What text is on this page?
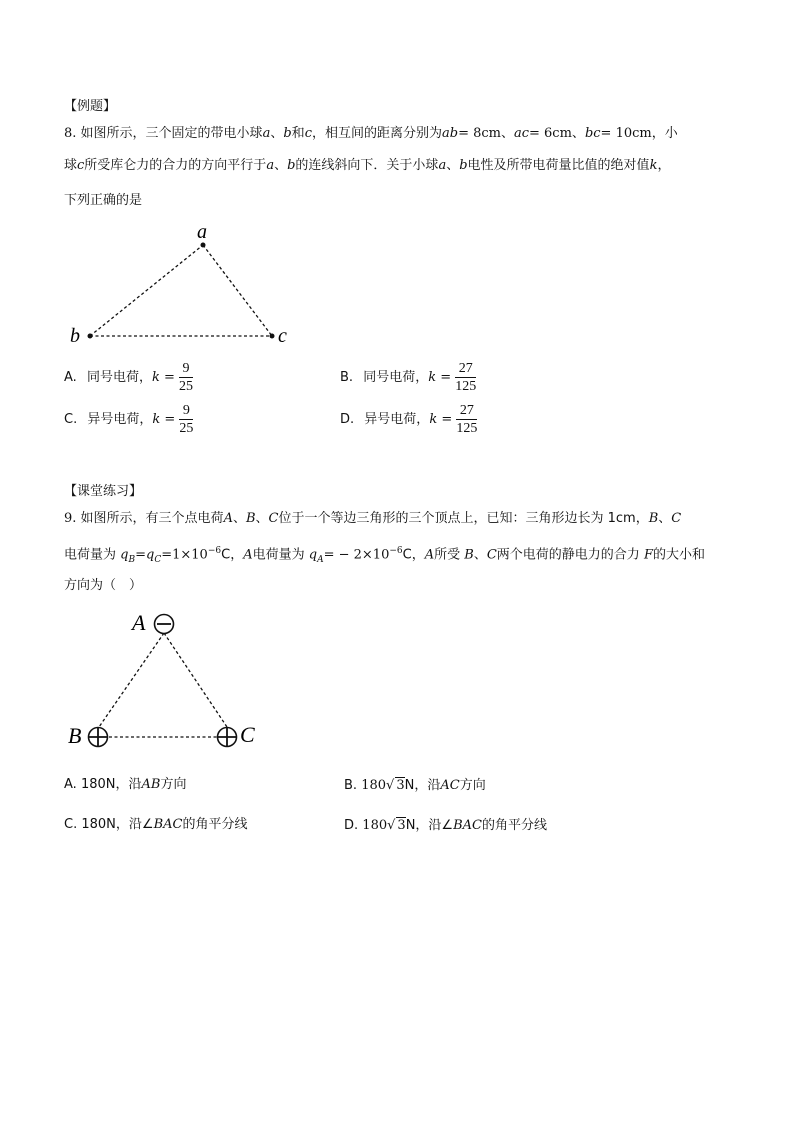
【例题】
8. 如图所示，三个固定的带电小球a、b和c，相互间的距离分别为ab= 8cm、ac= 6cm、bc= 10cm，小
球c所受库仑力的合力的方向平行于a、b的连线斜向下．关于小球a、b电性及所带电荷量比值的绝对值k，
下列正确的是
a
b	c
A. 同号电荷，$k = \frac{9}{25}$	B. 同号电荷，$k = \frac{27}{125}$
C. 异号电荷，$k = \frac{9}{25}$	D. 异号电荷，$k = \frac{27}{125}$
【课堂练习】
9. 如图所示，有三个点电荷A、B、C位于一个等边三角形的三个顶点上，已知：三角形边长为 1cm，B、C
电荷量为 $q_B=q_C=1\times 10^{-6}C$，A电荷量为 $q_A= - 2\times 10^{-6}C$，A所受 B、C两个电荷的静电力的合力 F的大小和
方向为（　）
A
B	C
A. 180N，沿AB方向	B. 180√ 3N，沿AC方向
C. 180N，沿∠BAC的角平分线	D. 180√ 3N，沿∠BAC的角平分线
